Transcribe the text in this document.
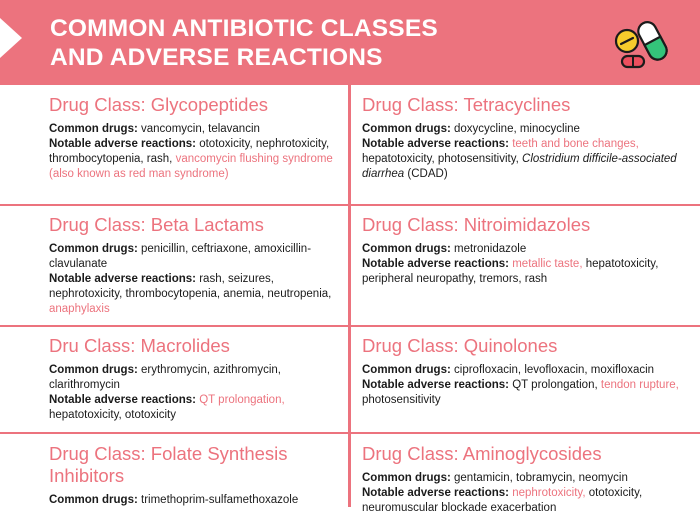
COMMON ANTIBIOTIC CLASSES
AND ADVERSE REACTIONS
Drug Class: Glycopeptides

Common drugs: vancomycin, telavancin

Notable adverse reactions: ototoxicity, nephrotoxicity, thrombocytopenia, rash, vancomycin flushing syndrome (also known as red man syndrome)

Drug Class: Tetracyclines

Common drugs: doxycycline, minocycline

Notable adverse reactions: teeth and bone changes, hepatotoxicity, photosensitivity, Clostridium difficile-associated diarrhea (CDAD)

Drug Class: Beta Lactams

Common drugs: penicillin, ceftriaxone, amoxicillin-clavulanate

Notable adverse reactions: rash, seizures, nephrotoxicity, thrombocytopenia, anemia, neutropenia, anaphylaxis

Drug Class: Nitroimidazoles

Common drugs: metronidazole

Notable adverse reactions: metallic taste, hepatotoxicity, peripheral neuropathy, tremors, rash

Dru Class: Macrolides

Common drugs: erythromycin, azithromycin, clarithromycin

Notable adverse reactions: QT prolongation, hepatotoxicity, ototoxicity

Drug Class: Quinolones

Common drugs: ciprofloxacin, levofloxacin, moxifloxacin

Notable adverse reactions: QT prolongation, tendon rupture, photosensitivity

Drug Class: Folate Synthesis Inhibitors

Common drugs: trimethoprim-sulfamethoxazole

Drug Class: Aminoglycosides

Common drugs: gentamicin, tobramycin, neomycin

Notable adverse reactions: nephrotoxicity, ototoxicity, neuromuscular blockade exacerbation
